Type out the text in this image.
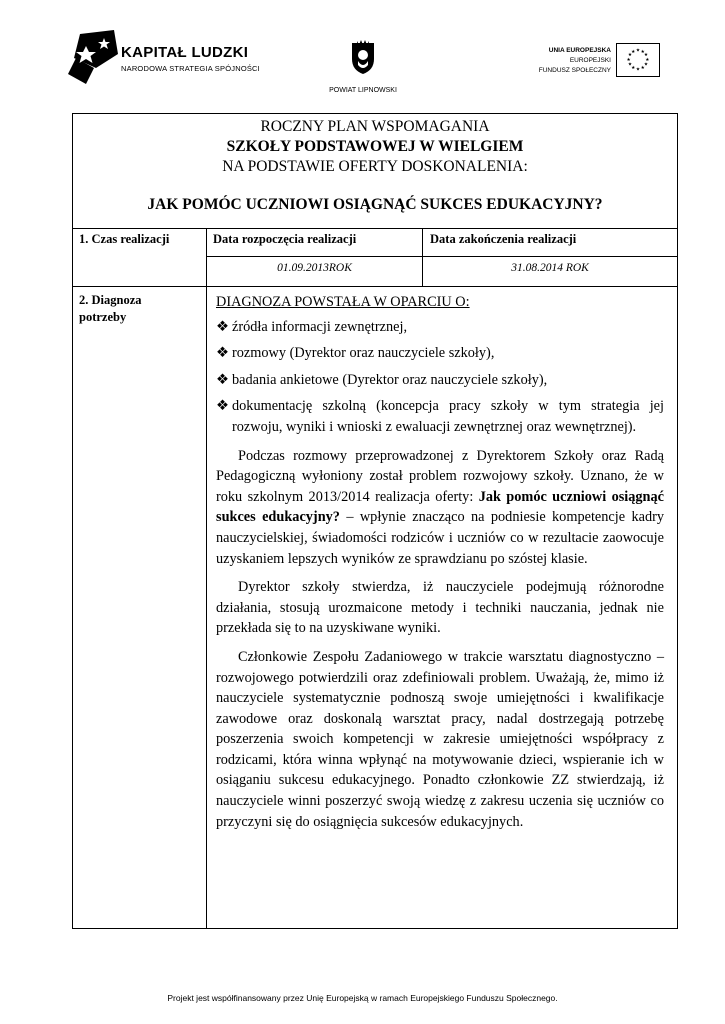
KAPITAŁ LUDZKI
NARODOWA STRATEGIA SPÓJNOŚCI
POWIAT LIPNOWSKI
UNIA EUROPEJSKA
EUROPEJSKI
FUNDUSZ SPOŁECZNY
★ ★
★
★
★
★
★
★
★
★
★
★
ROCZNY PLAN WSPOMAGANIA
SZKOŁY PODSTAWOWEJ W WIELGIEM
NA PODSTAWIE OFERTY DOSKONALENIA:
JAK POMÓC UCZNIOWI OSIĄGNĄĆ SUKCES EDUKACYJNY?
1. Czas realizacji	Data rozpoczęcia realizacji	Data zakończenia realizacji
01.09.2013ROK	31.08.2014 ROK
2. Diagnoza potrzeby
DIAGNOZA POWSTAŁA W OPARCIU O:
❖ źródła informacji zewnętrznej,
❖ rozmowy (Dyrektor oraz nauczyciele szkoły),
❖ badania ankietowe (Dyrektor oraz nauczyciele szkoły),
❖ dokumentację szkolną (koncepcja pracy szkoły w tym strategia jej rozwoju, wyniki i wnioski z ewaluacji zewnętrznej oraz wewnętrznej).

Podczas rozmowy przeprowadzonej z Dyrektorem Szkoły oraz Radą Pedagogiczną wyłoniony został problem rozwojowy szkoły. Uznano, że w roku szkolnym 2013/2014 realizacja oferty: Jak pomóc uczniowi osiągnąć sukces edukacyjny? – wpłynie znacząco na podniesie kompetencje kadry nauczycielskiej, świadomości rodziców i uczniów co w rezultacie zaowocuje uzyskaniem lepszych wyników ze sprawdzianu po szóstej klasie.

Dyrektor szkoły stwierdza, iż nauczyciele podejmują różnorodne działania, stosują urozmaicone metody i techniki nauczania, jednak nie przekłada się to na uzyskiwane wyniki.

Członkowie Zespołu Zadaniowego w trakcie warsztatu diagnostyczno – rozwojowego potwierdzili oraz zdefiniowali problem. Uważają, że, mimo iż nauczyciele systematycznie podnoszą swoje umiejętności i kwalifikacje zawodowe oraz doskonalą warsztat pracy, nadal dostrzegają potrzebę poszerzenia swoich kompetencji w zakresie umiejętności współpracy z rodzicami, która winna wpłynąć na motywowanie dzieci, wspieranie ich w osiąganiu sukcesu edukacyjnego. Ponadto członkowie ZZ stwierdzają, iż nauczyciele winni poszerzyć swoją wiedzę z zakresu uczenia się uczniów co przyczyni się do osiągnięcia sukcesów edukacyjnych.

Projekt jest współfinansowany przez Unię Europejską w ramach Europejskiego Funduszu Społecznego.
